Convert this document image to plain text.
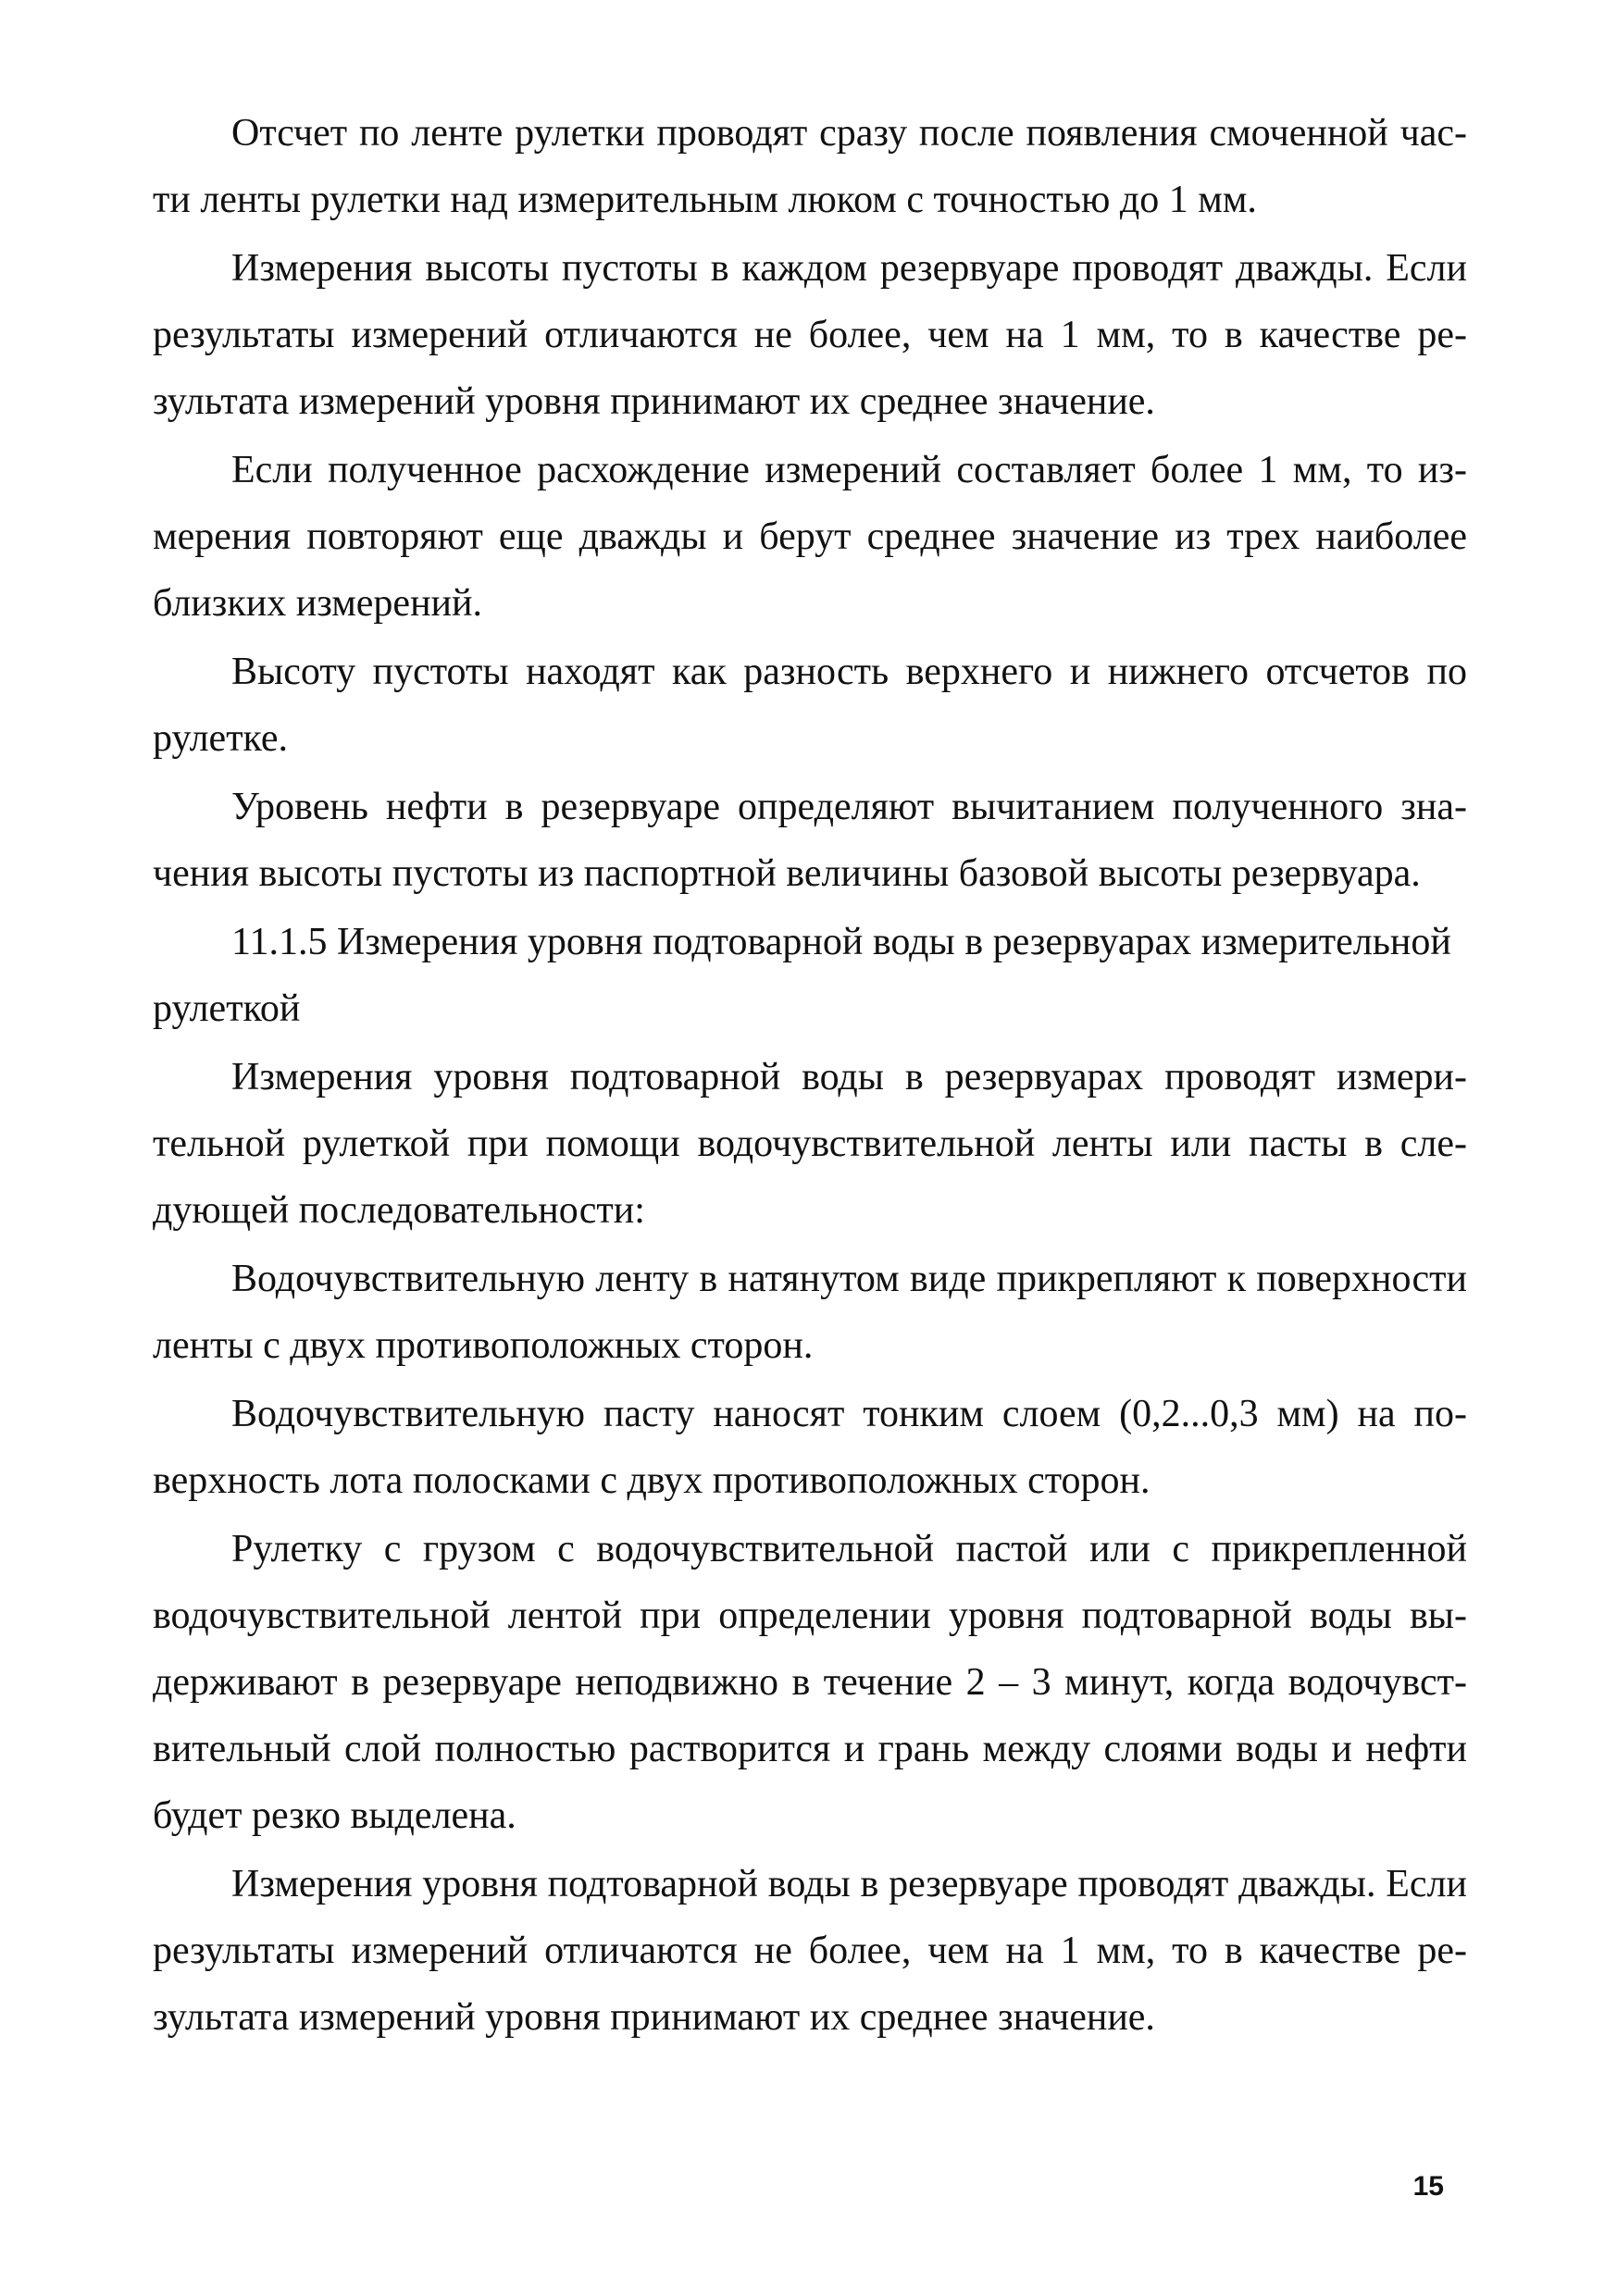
Отсчет по ленте рулетки проводят сразу после появления смоченной части ленты рулетки над измерительным люком с точностью до 1 мм.

Измерения высоты пустоты в каждом резервуаре проводят дважды. Если результаты измерений отличаются не более, чем на 1 мм, то в качестве результата измерений уровня принимают их среднее значение.

Если полученное расхождение измерений составляет более 1 мм, то измерения повторяют еще дважды и берут среднее значение из трех наиболее близких измерений.

Высоту пустоты находят как разность верхнего и нижнего отсчетов по рулетке.

Уровень нефти в резервуаре определяют вычитанием полученного значения высоты пустоты из паспортной величины базовой высоты резервуара.

11.1.5 Измерения уровня подтоварной воды в резервуарах измерительной рулеткой

Измерения уровня подтоварной воды в резервуарах проводят измерительной рулеткой при помощи водочувствительной ленты или пасты в следующей последовательности:

Водочувствительную ленту в натянутом виде прикрепляют к поверхности ленты с двух противоположных сторон.

Водочувствительную пасту наносят тонким слоем (0,2...0,3 мм) на поверхность лота полосками с двух противоположных сторон.

Рулетку с грузом с водочувствительной пастой или с прикрепленной водочувствительной лентой при определении уровня подтоварной воды выдерживают в резервуаре неподвижно в течение 2 – 3 минут, когда водочувствительный слой полностью растворится и грань между слоями воды и нефти будет резко выделена.

Измерения уровня подтоварной воды в резервуаре проводят дважды. Если результаты измерений отличаются не более, чем на 1 мм, то в качестве результата измерений уровня принимают их среднее значение.

15
